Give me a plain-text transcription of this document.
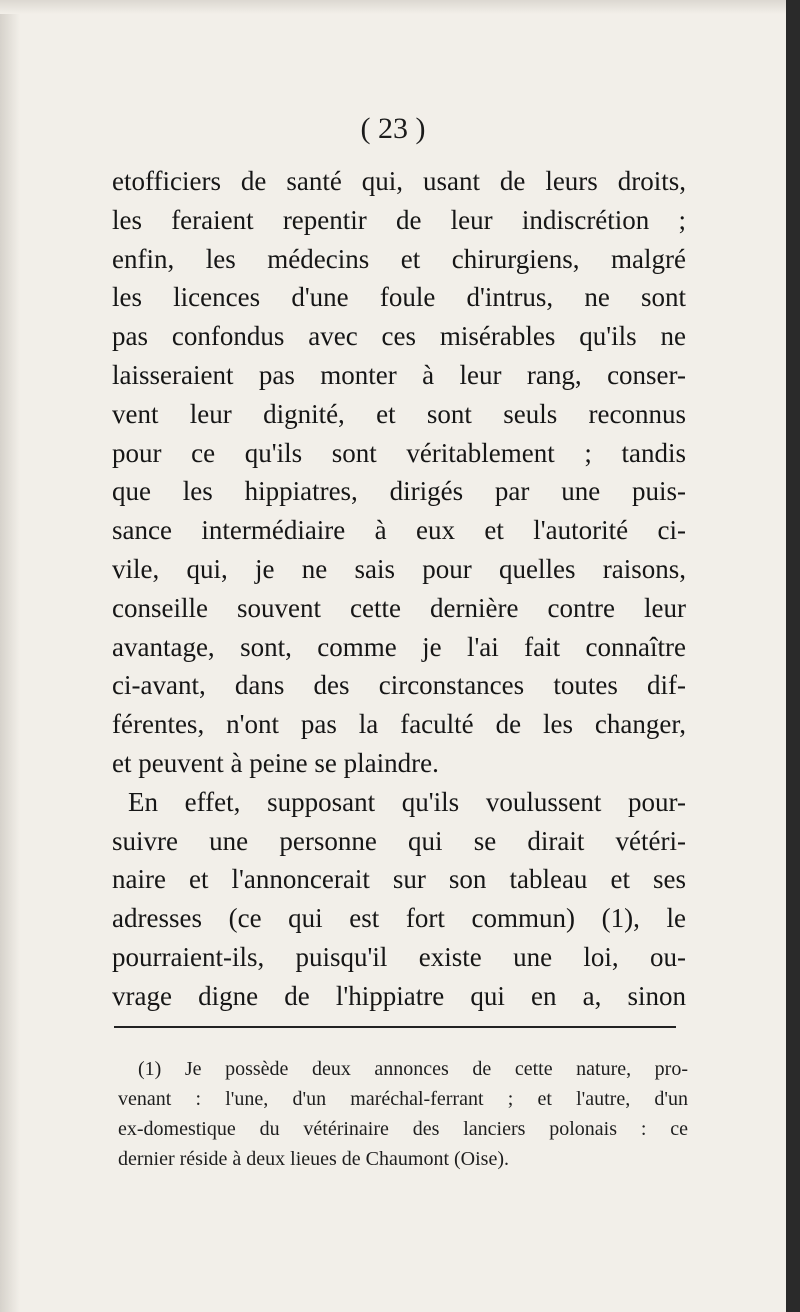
( 23 )
etofficiers de santé qui, usant de leurs droits,
les feraient repentir de leur indiscrétion ;
enfin, les médecins et chirurgiens, malgré
les licences d'une foule d'intrus, ne sont
pas confondus avec ces misérables qu'ils ne
laisseraient pas monter à leur rang, conser-
vent leur dignité, et sont seuls reconnus
pour ce qu'ils sont véritablement ; tandis
que les hippiatres, dirigés par une puis-
sance intermédiaire à eux et l'autorité ci-
vile, qui, je ne sais pour quelles raisons,
conseille souvent cette dernière contre leur
avantage, sont, comme je l'ai fait connaître
ci-avant, dans des circonstances toutes dif-
férentes, n'ont pas la faculté de les changer,
et peuvent à peine se plaindre.
En effet, supposant qu'ils voulussent pour-
suivre une personne qui se dirait vétéri-
naire et l'annoncerait sur son tableau et ses
adresses (ce qui est fort commun) (1), le
pourraient-ils, puisqu'il existe une loi, ou-
vrage digne de l'hippiatre qui en a, sinon
(1) Je possède deux annonces de cette nature, pro-
venant : l'une, d'un maréchal-ferrant ; et l'autre, d'un
ex-domestique du vétérinaire des lanciers polonais : ce
dernier réside à deux lieues de Chaumont (Oise).
